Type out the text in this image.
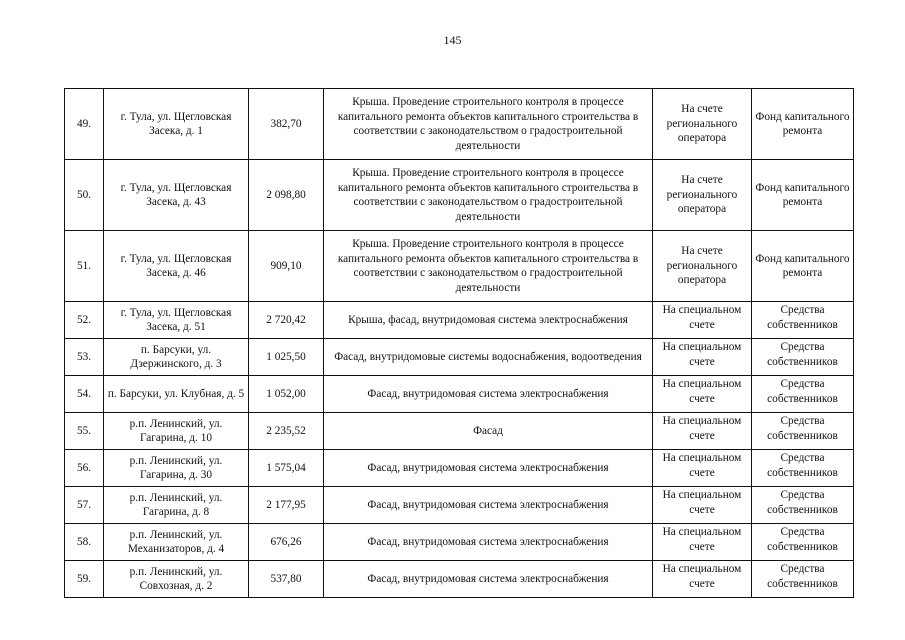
145
49.	г. Тула, ул. Щегловская Засека, д. 1	382,70	Крыша. Проведение строительного контроля в процессе капитального ремонта объектов капитального строительства в соответствии с законодательством о градостроительной деятельности	На счете регионального оператора	Фонд капитального ремонта
50.	г. Тула, ул. Щегловская Засека, д. 43	2 098,80	Крыша. Проведение строительного контроля в процессе капитального ремонта объектов капитального строительства в соответствии с законодательством о градостроительной деятельности	На счете регионального оператора	Фонд капитального ремонта
51.	г. Тула, ул. Щегловская Засека, д. 46	909,10	Крыша. Проведение строительного контроля в процессе капитального ремонта объектов капитального строительства в соответствии с законодательством о градостроительной деятельности	На счете регионального оператора	Фонд капитального ремонта
52.	г. Тула, ул. Щегловская Засека, д. 51	2 720,42	Крыша, фасад, внутридомовая система электроснабжения	На специальном счете	Средства собственников
53.	п. Барсуки, ул. Дзержинского, д. 3	1 025,50	Фасад, внутридомовые системы водоснабжения, водоотведения	На специальном счете	Средства собственников
54.	п. Барсуки, ул. Клубная, д. 5	1 052,00	Фасад, внутридомовая система электроснабжения	На специальном счете	Средства собственников
55.	р.п. Ленинский, ул. Гагарина, д. 10	2 235,52	Фасад	На специальном счете	Средства собственников
56.	р.п. Ленинский, ул. Гагарина, д. 30	1 575,04	Фасад, внутридомовая система электроснабжения	На специальном счете	Средства собственников
57.	р.п. Ленинский, ул. Гагарина, д. 8	2 177,95	Фасад, внутридомовая система электроснабжения	На специальном счете	Средства собственников
58.	р.п. Ленинский, ул. Механизаторов, д. 4	676,26	Фасад, внутридомовая система электроснабжения	На специальном счете	Средства собственников
59.	р.п. Ленинский, ул. Совхозная, д. 2	537,80	Фасад, внутридомовая система электроснабжения	На специальном счете	Средства собственников
